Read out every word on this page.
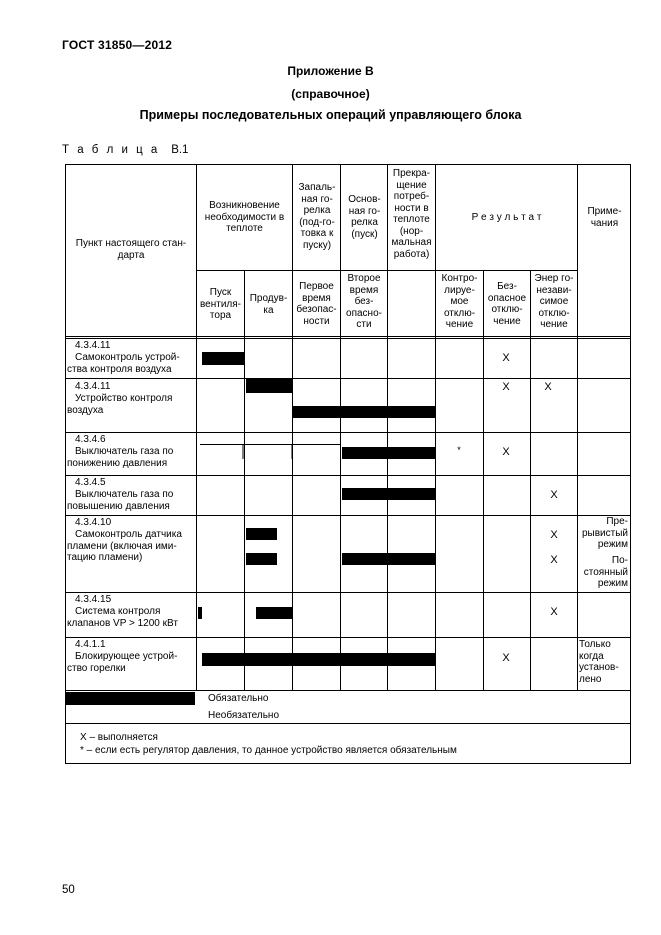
ГОСТ 31850—2012
Приложение В
(справочное)
Примеры последовательных операций управляющего блока
Т а б л и ц а В.1
Пункт настоящего стан-дарта
Возникновение необходимости в теплоте
Запаль-ная го-релка (под-го-товка к пуску)
Основ-ная го-релка (пуск)
Прекра-щение потреб-ности в теплоте (нор-мальная работа)
Р е з у л ь т а т
Приме-чания
Пуск вентиля-тора
Продув-ка
Первое время безопас-ности
Второе время без-опасно-сти
Контро-лируе-мое отклю-чение
Без-опасное отклю-чение
Энер го-незави-симое отклю-чение
4.3.4.11
Самоконтроль устрой-ства контроля воздуха
X
4.3.4.11
Устройство контроля воздуха
X	X
4.3.4.6
Выключатель газа по понижению давления
*	X
4.3.4.5
Выключатель газа по повышению давления
X
4.3.4.10
Самоконтроль датчика пламени (включая ими-тацию пламени)
X
X
Пре-рывистый режим
По-стоянный режим
4.3.4.15
Система контроля клапанов VP > 1200 кВт
X
4.4.1.1
Блокирующее устрой-ство горелки
X
Только когда установ-лено
Обязательно
Необязательно
X – выполняется
* – если есть регулятор давления, то данное устройство является обязательным
50
